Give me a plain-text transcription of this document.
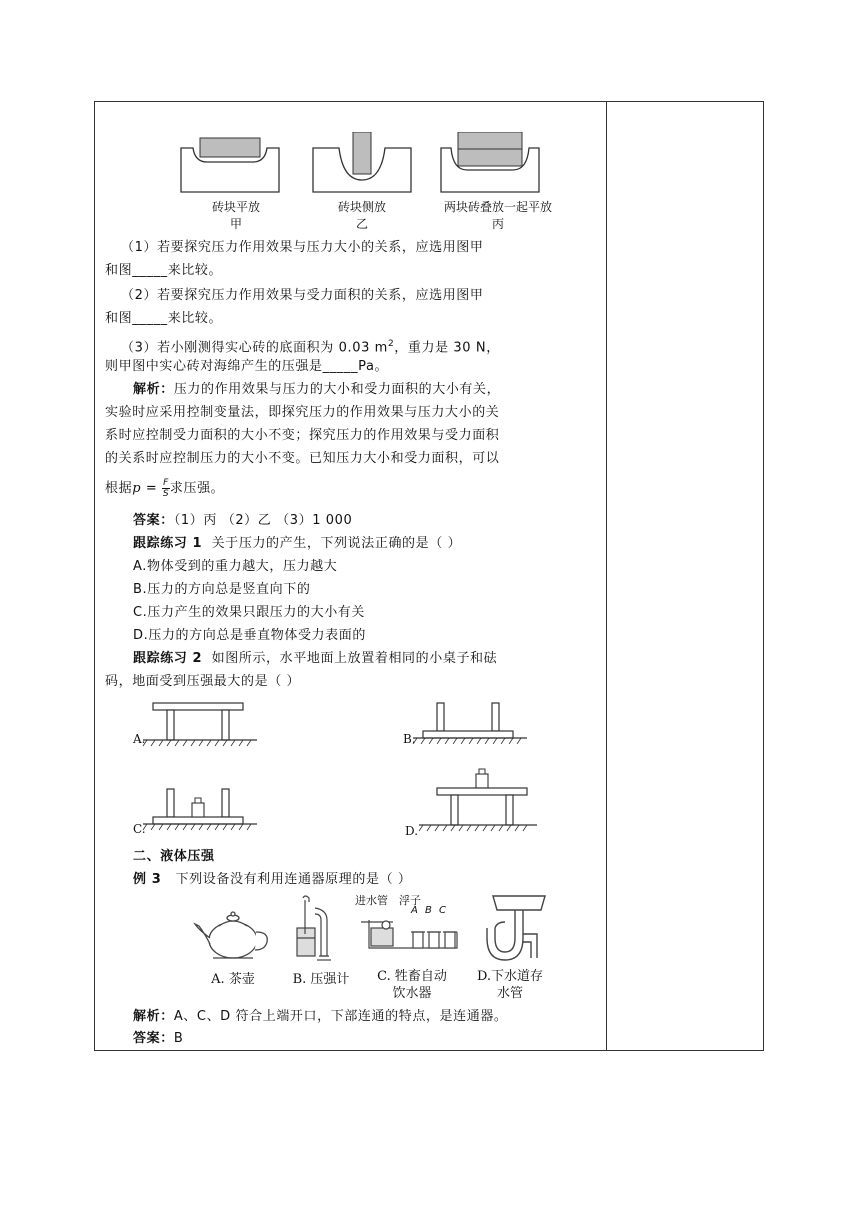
砖块平放
甲
砖块侧放
乙
两块砖叠放一起平放
丙
（1）若要探究压力作用效果与压力大小的关系，应选用图甲
和图_____来比较。
（2）若要探究压力作用效果与受力面积的关系，应选用图甲
和图_____来比较。
（3）若小刚测得实心砖的底面积为 0.03 $m^2$，重力是 30 N，
则甲图中实心砖对海绵产生的压强是_____Pa。
解析：压力的作用效果与压力的大小和受力面积的大小有关，
实验时应采用控制变量法，即探究压力的作用效果与压力大小的关
系时应控制受力面积的大小不变；探究压力的作用效果与受力面积
的关系时应控制压力的大小不变。已知压力大小和受力面积，可以
根据$p = \frac{F}{S}$ 求压强。
答案：（1）丙 （2）乙 （3）1 000
跟踪练习 1 关于压力的产生，下列说法正确的是（ ）
A.物体受到的重力越大，压力越大
B.压力的方向总是竖直向下的
C.压力产生的效果只跟压力的大小有关
D.压力的方向总是垂直物体受力表面的
跟踪练习 2 如图所示，水平地面上放置着相同的小桌子和砝
码，地面受到压强最大的是（ ）
A.	B.
C.	D.
二、液体压强
例 3 下列设备没有利用连通器原理的是（ ）
进水管 浮子
A B C
A. 茶壶	B. 压强计	C. 牲畜自动
饮水器
D.下水道存
水管
解析：A、C、D 符合上端开口，下部连通的特点，是连通器。
答案：B
